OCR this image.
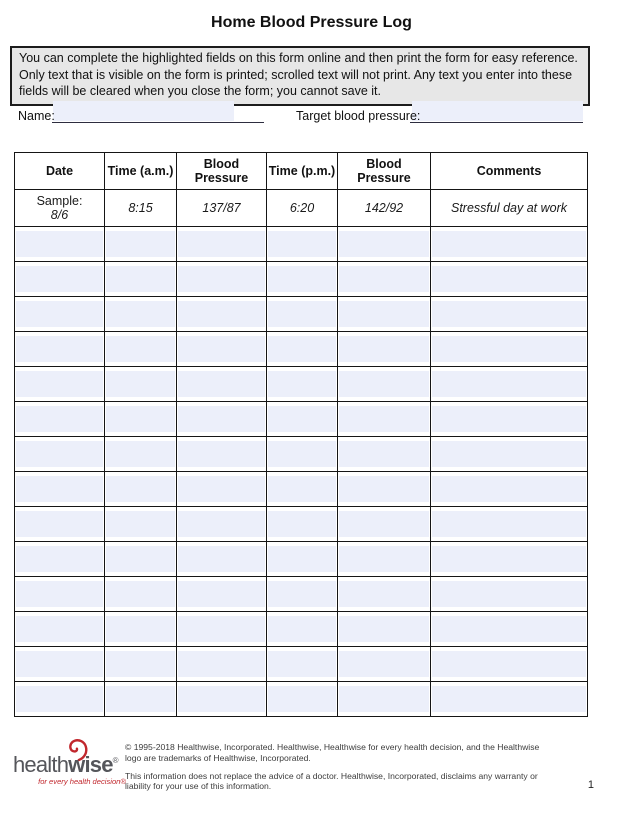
Home Blood Pressure Log
You can complete the highlighted fields on this form online and then print the form for easy reference. Only text that is visible on the form is printed; scrolled text will not print. Any text you enter into these fields will be cleared when you close the form; you cannot save it.
Name:	Target blood pressure:
Date	Time (a.m.)	Blood Pressure	Time (p.m.)	Blood Pressure	Comments

Sample:
8/6	8:15	137/87	6:20	142/92	Stressful day at work

healthwise®
for every health decision®

© 1995-2018 Healthwise, Incorporated. Healthwise, Healthwise for every health decision, and the Healthwise logo are trademarks of Healthwise, Incorporated.

This information does not replace the advice of a doctor. Healthwise, Incorporated, disclaims any warranty or liability for your use of this information.	1
